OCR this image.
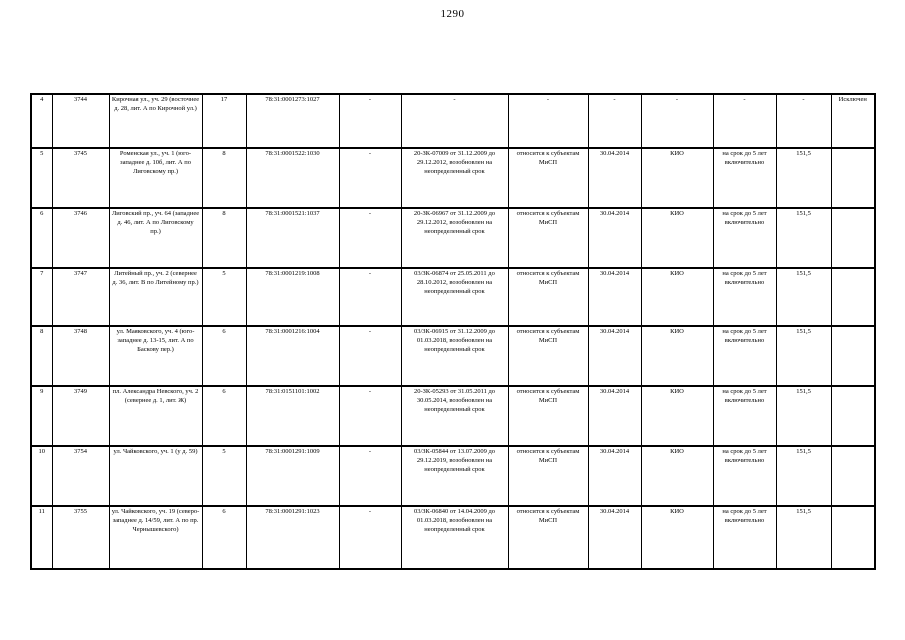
1290
4	3744	Кирочная ул., уч. 29 (восточнее д. 28, лит. А по Кирочной ул.)	17	78:31:0001273:1027	-	-	-	-	-	-	-	Исключен
5	3745	Роменская ул., уч. 1 (юго-западнее д. 10б, лит. А по Лиговскому пр.)	8	78:31:0001522:1030	-	20-ЗК-07009 от 31.12.2009 до 29.12.2012, возобновлен на неопределенный срок	относится к субъектам МиСП	30.04.2014	КИО	на срок до 5 лет включительно	151,5	
6	3746	Лиговский пр., уч. 64 (западнее д. 46, лит. А по Лиговскому пр.)	8	78:31:0001521:1037	-	20-ЗК-06967 от 31.12.2009 до 29.12.2012, возобновлен на неопределенный срок	относится к субъектам МиСП	30.04.2014	КИО	на срок до 5 лет включительно	151,5	
7	3747	Литейный пр., уч. 2 (севернее д. 36, лит. В по Литейному пр.)	5	78:31:0001219:1008	-	03/ЗК-06874 от 25.05.2011 до 28.10.2012, возобновлен на неопределенный срок	относится к субъектам МиСП	30.04.2014	КИО	на срок до 5 лет включительно	151,5	
8	3748	ул. Маяковского, уч. 4 (юго-западнее д. 13-15, лит. А по Баскову пер.)	6	78:31:0001216:1004	-	03/ЗК-06915 от 31.12.2009 до 01.03.2018, возобновлен на неопределенный срок	относится к субъектам МиСП	30.04.2014	КИО	на срок до 5 лет включительно	151,5	
9	3749	пл. Александра Невского, уч. 2 (севернее д. 1, лит. Ж)	6	78:31:0151101:1002	-	20-ЗК-05293 от 31.05.2011 до 30.05.2014, возобновлен на неопределенный срок	относится к субъектам МиСП	30.04.2014	КИО	на срок до 5 лет включительно	151,5	
10	3754	ул. Чайковского, уч. 1 (у д. 59)	5	78:31:0001291:1009	-	03/ЗК-05844 от 13.07.2009 до 29.12.2019, возобновлен на неопределенный срок	относится к субъектам МиСП	30.04.2014	КИО	на срок до 5 лет включительно	151,5	
11	3755	ул. Чайковского, уч. 19 (северо-западнее д. 14/59, лит. А по пр. Чернышевского)	6	78:31:0001291:1023	-	03/ЗК-06840 от 14.04.2009 до 01.03.2018, возобновлен на неопределенный срок	относится к субъектам МиСП	30.04.2014	КИО	на срок до 5 лет включительно	151,5	
